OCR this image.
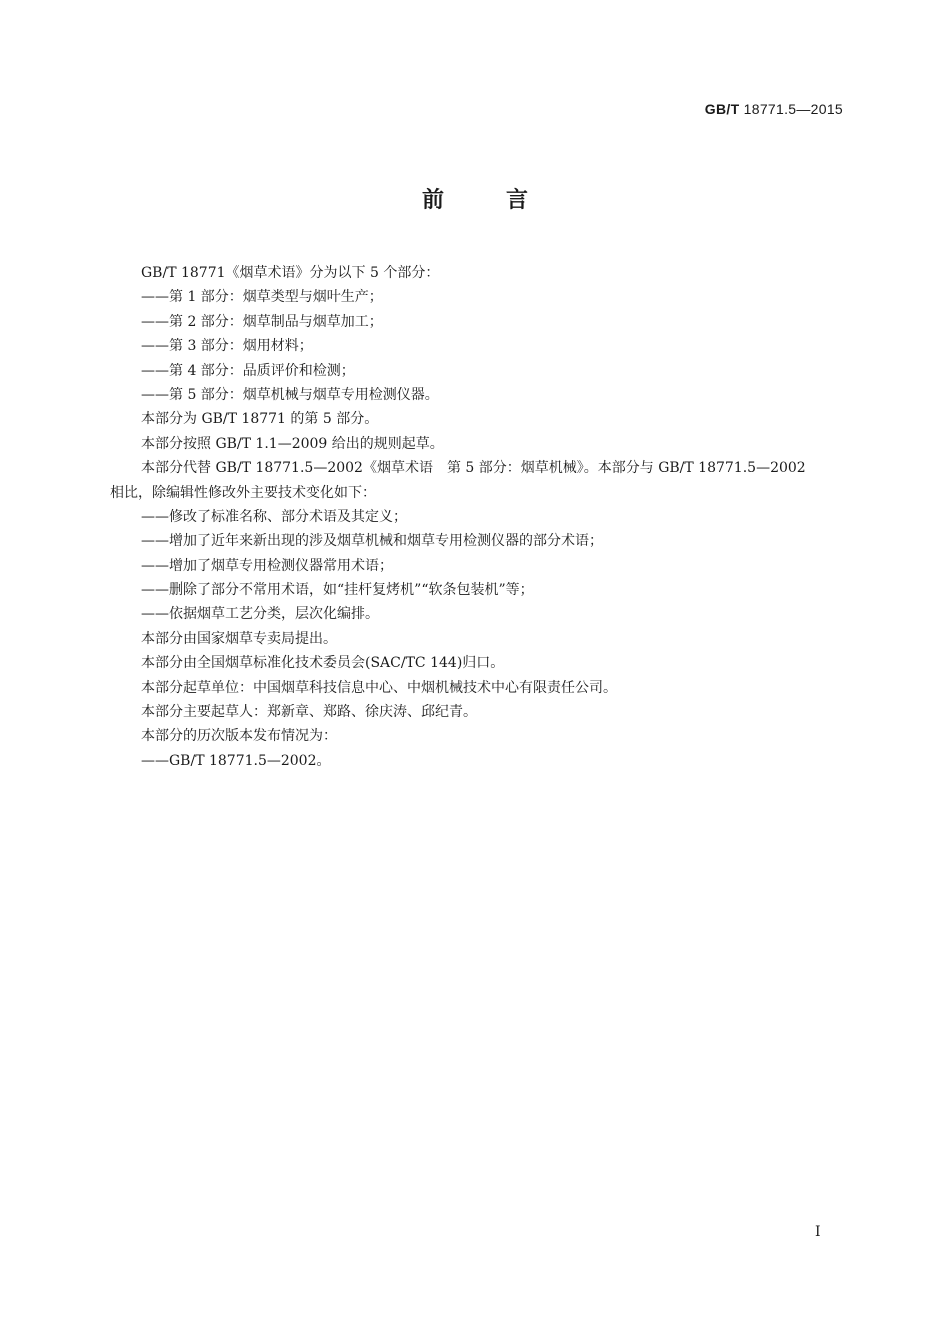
GB/T 18771.5—2015
前言
GB/T 18771《烟草术语》分为以下 5 个部分：
——第 1 部分：烟草类型与烟叶生产；
——第 2 部分：烟草制品与烟草加工；
——第 3 部分：烟用材料；
——第 4 部分：品质评价和检测；
——第 5 部分：烟草机械与烟草专用检测仪器。
本部分为 GB/T 18771 的第 5 部分。
本部分按照 GB/T 1.1—2009 给出的规则起草。
本部分代替 GB/T 18771.5—2002《烟草术语　第 5 部分：烟草机械》。本部分与 GB/T 18771.5—2002
相比，除编辑性修改外主要技术变化如下：
——修改了标准名称、部分术语及其定义；
——增加了近年来新出现的涉及烟草机械和烟草专用检测仪器的部分术语；
——增加了烟草专用检测仪器常用术语；
——删除了部分不常用术语，如“挂杆复烤机”“软条包装机”等；
——依据烟草工艺分类，层次化编排。
本部分由国家烟草专卖局提出。
本部分由全国烟草标准化技术委员会(SAC/TC 144)归口。
本部分起草单位：中国烟草科技信息中心、中烟机械技术中心有限责任公司。
本部分主要起草人：郑新章、郑路、徐庆涛、邱纪青。
本部分的历次版本发布情况为：
——GB/T 18771.5—2002。
I
